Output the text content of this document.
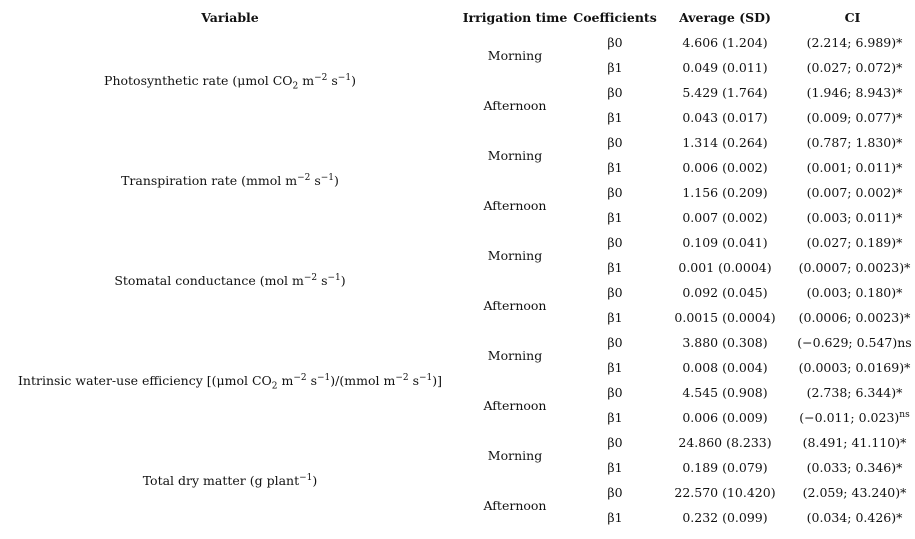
Variable	Irrigation time	Coefficients	Average (SD)	CI
Photosynthetic rate (μmol $CO_2$ $m^{-2}$ $s^{-1}$)	Morning	β0	4.606 (1.204)	(2.214; 6.989)*
		β1	0.049 (0.011)	(0.027; 0.072)*
	Afternoon	β0	5.429 (1.764)	(1.946; 8.943)*
		β1	0.043 (0.017)	(0.009; 0.077)*
Transpiration rate (mmol $m^{-2}$ $s^{-1}$)	Morning	β0	1.314 (0.264)	(0.787; 1.830)*
		β1	0.006 (0.002)	(0.001; 0.011)*
	Afternoon	β0	1.156 (0.209)	(0.007; 0.002)*
		β1	0.007 (0.002)	(0.003; 0.011)*
Stomatal conductance (mol $m^{-2}$ $s^{-1}$)	Morning	β0	0.109 (0.041)	(0.027; 0.189)*
		β1	0.001 (0.0004)	(0.0007; 0.0023)*
	Afternoon	β0	0.092 (0.045)	(0.003; 0.180)*
		β1	0.0015 (0.0004)	(0.0006; 0.0023)*
Intrinsic water-use efficiency [(μmol $CO_2$ $m^{-2}$ $s^{-1})/(mmol$ $m^{-2}$ $s^{-1}$)]	Morning	β0	3.880 (0.308)	(−0.629; 0.547)ns
		β1	0.008 (0.004)	(0.0003; 0.0169)*
	Afternoon	β0	4.545 (0.908)	(2.738; 6.344)*
		β1	0.006 (0.009)	(−0.011; 0.023)$^{ns}$
Total dry matter (g plant$^{-1}$)	Morning	β0	24.860 (8.233)	(8.491; 41.110)*
		β1	0.189 (0.079)	(0.033; 0.346)*
	Afternoon	β0	22.570 (10.420)	(2.059; 43.240)*
		β1	0.232 (0.099)	(0.034; 0.426)*
